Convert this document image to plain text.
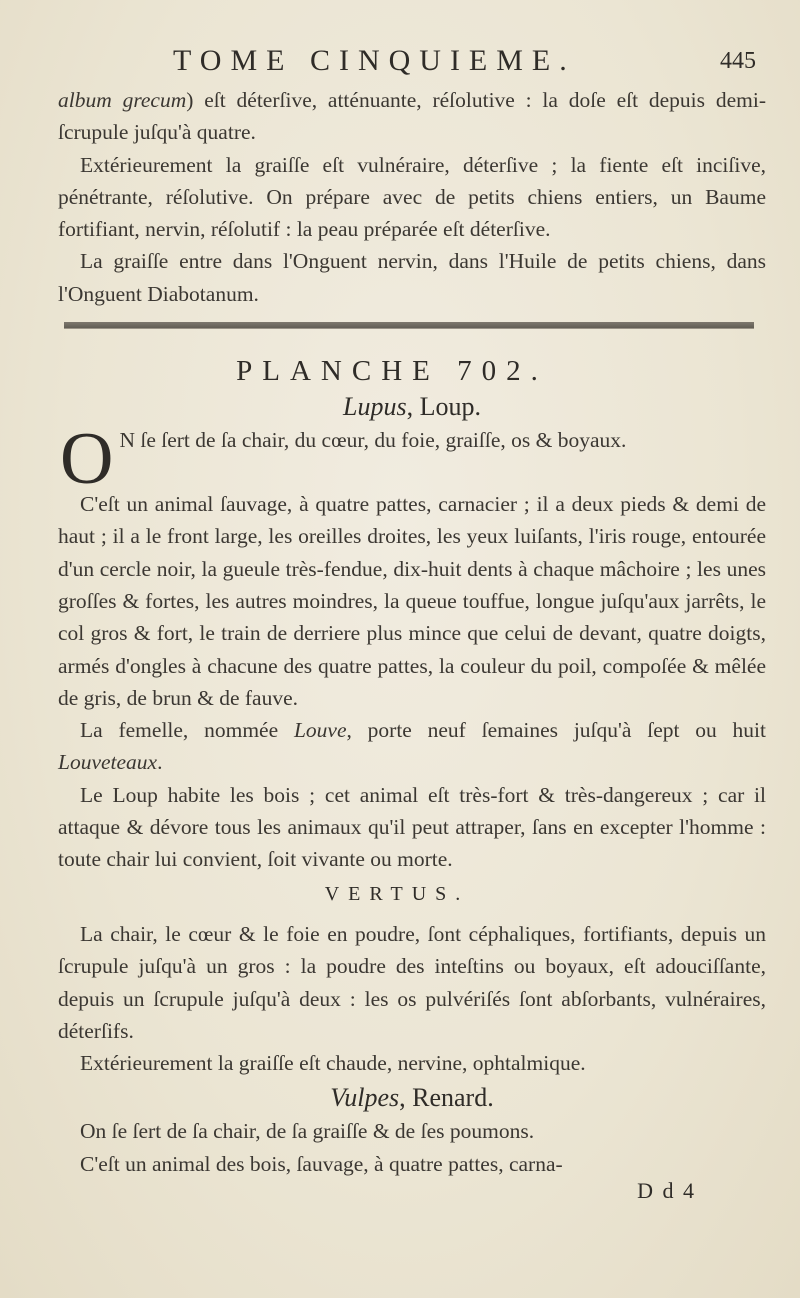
TOME CINQUIEME.	445

album grecum) eſt déterſive, atténuante, réſolutive : la doſe eſt depuis demi-ſcrupule juſqu'à quatre.

Extérieurement la graiſſe eſt vulnéraire, déterſive ; la fiente eſt inciſive, pénétrante, réſolutive. On prépare avec de petits chiens entiers, un Baume fortifiant, nervin, réſolutif : la peau préparée eſt déterſive.

La graiſſe entre dans l'Onguent nervin, dans l'Huile de petits chiens, dans l'Onguent Diabotanum.

PLANCHE 702.
Lupus, Loup.

O N ſe ſert de ſa chair, du cœur, du foie, graiſſe, os & boyaux.

C'eſt un animal ſauvage, à quatre pattes, carnacier ; il a deux pieds & demi de haut ; il a le front large, les oreilles droites, les yeux luiſants, l'iris rouge, entourée d'un cercle noir, la gueule très-fendue, dix-huit dents à chaque mâchoire ; les unes groſſes & fortes, les autres moindres, la queue touffue, longue juſqu'aux jarrêts, le col gros & fort, le train de derriere plus mince que celui de devant, quatre doigts, armés d'ongles à chacune des quatre pattes, la couleur du poil, compoſée & mêlée de gris, de brun & de fauve.

La femelle, nommée Louve, porte neuf ſemaines juſqu'à ſept ou huit Louveteaux.

Le Loup habite les bois ; cet animal eſt très-fort & très-dangereux ; car il attaque & dévore tous les animaux qu'il peut attraper, ſans en excepter l'homme : toute chair lui convient, ſoit vivante ou morte.

VERTUS.

La chair, le cœur & le foie en poudre, ſont céphaliques, fortifiants, depuis un ſcrupule juſqu'à un gros : la poudre des inteſtins ou boyaux, eſt adouciſſante, depuis un ſcrupule juſqu'à deux : les os pulvériſés ſont abſorbants, vulnéraires, déterſifs.

Extérieurement la graiſſe eſt chaude, nervine, ophtalmique.

Vulpes, Renard.

On ſe ſert de ſa chair, de ſa graiſſe & de ſes poumons.

C'eſt un animal des bois, ſauvage, à quatre pattes, carna-

D d 4
